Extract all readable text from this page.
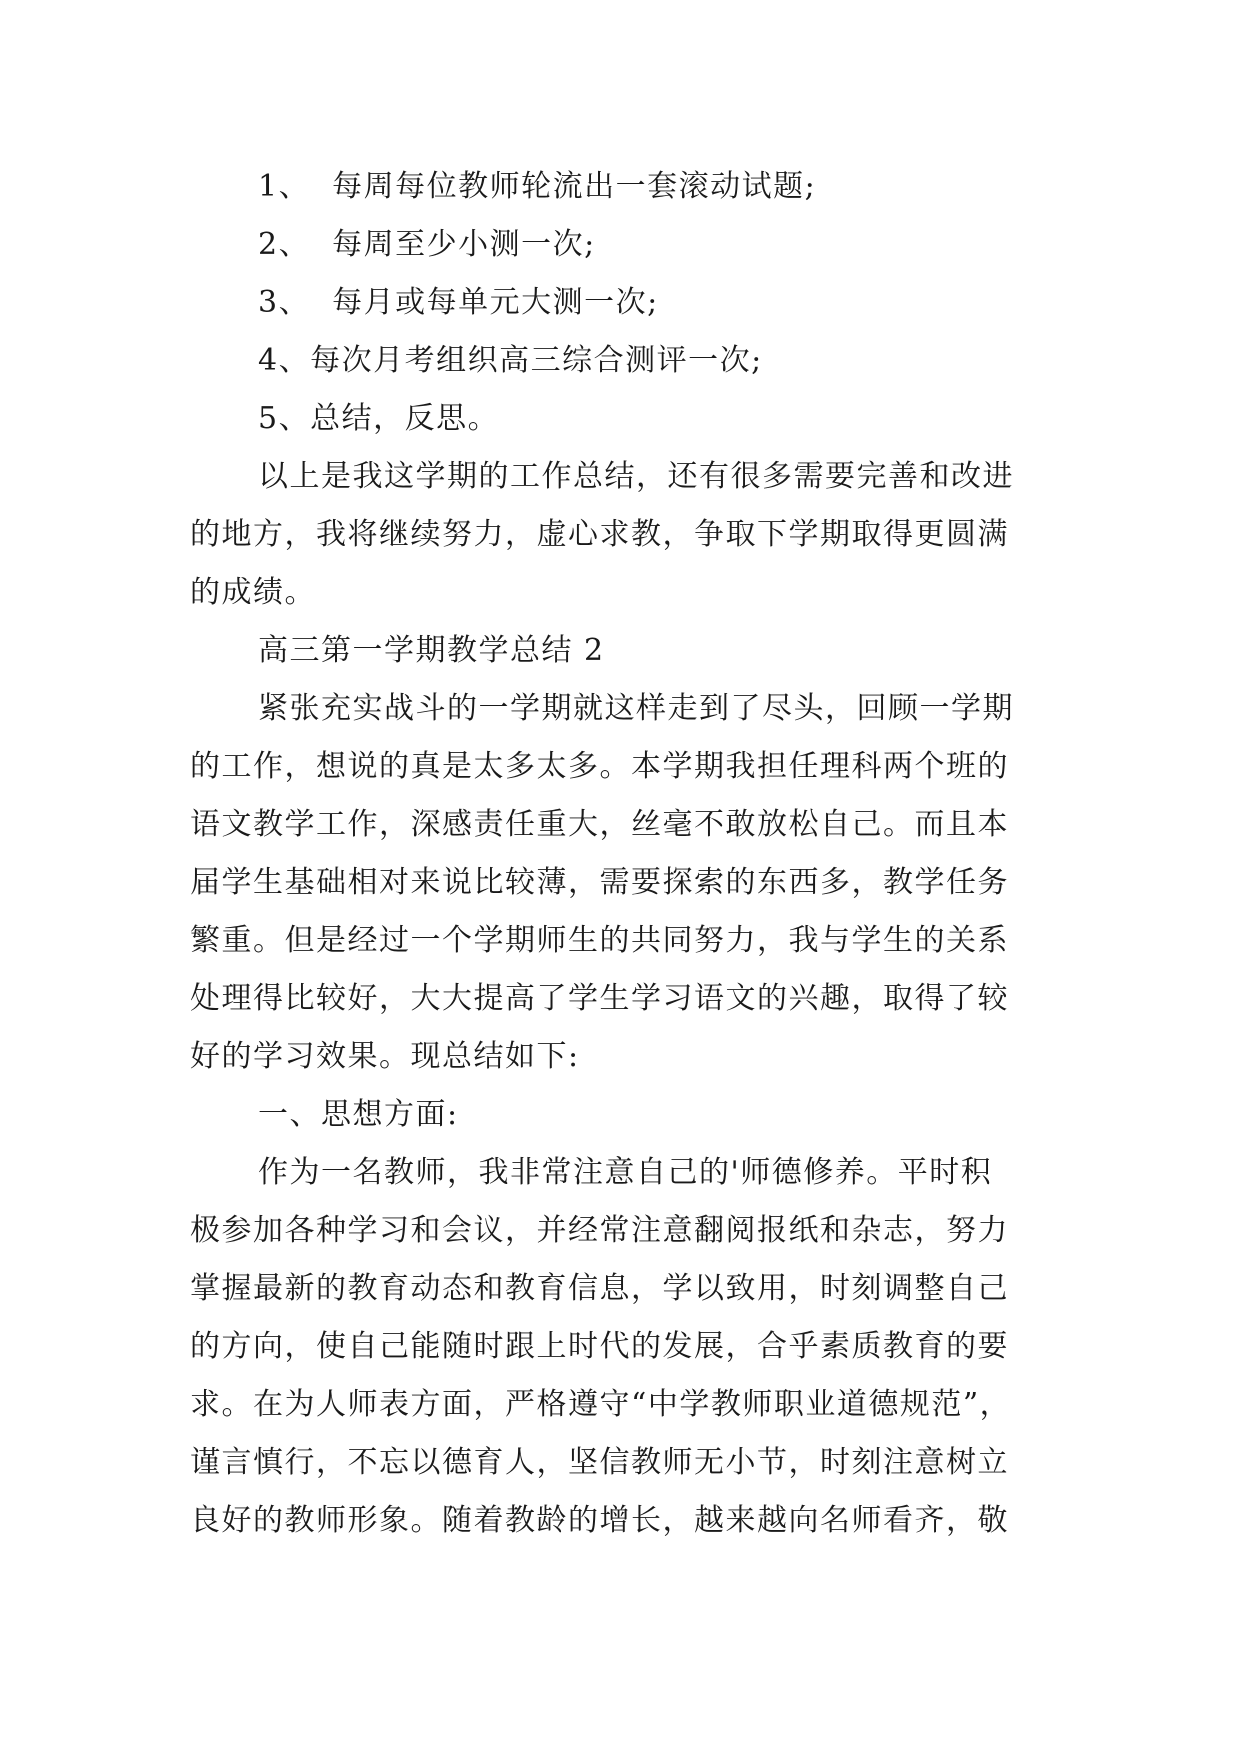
1、  每周每位教师轮流出一套滚动试题;
2、  每周至少小测一次;
3、  每月或每单元大测一次;
4、每次月考组织高三综合测评一次;
5、总结，反思。
以上是我这学期的工作总结，还有很多需要完善和改进
的地方，我将继续努力，虚心求教，争取下学期取得更圆满
的成绩。
高三第一学期教学总结 2
紧张充实战斗的一学期就这样走到了尽头，回顾一学期
的工作，想说的真是太多太多。本学期我担任理科两个班的
语文教学工作，深感责任重大，丝毫不敢放松自己。而且本
届学生基础相对来说比较薄，需要探索的东西多，教学任务
繁重。但是经过一个学期师生的共同努力，我与学生的关系
处理得比较好，大大提高了学生学习语文的兴趣，取得了较
好的学习效果。现总结如下:
一、思想方面:
作为一名教师，我非常注意自己的'师德修养。平时积
极参加各种学习和会议，并经常注意翻阅报纸和杂志，努力
掌握最新的教育动态和教育信息，学以致用，时刻调整自己
的方向，使自己能随时跟上时代的发展，合乎素质教育的要
求。在为人师表方面，严格遵守“中学教师职业道德规范”，
谨言慎行，不忘以德育人，坚信教师无小节，时刻注意树立
良好的教师形象。随着教龄的增长，越来越向名师看齐，敬
